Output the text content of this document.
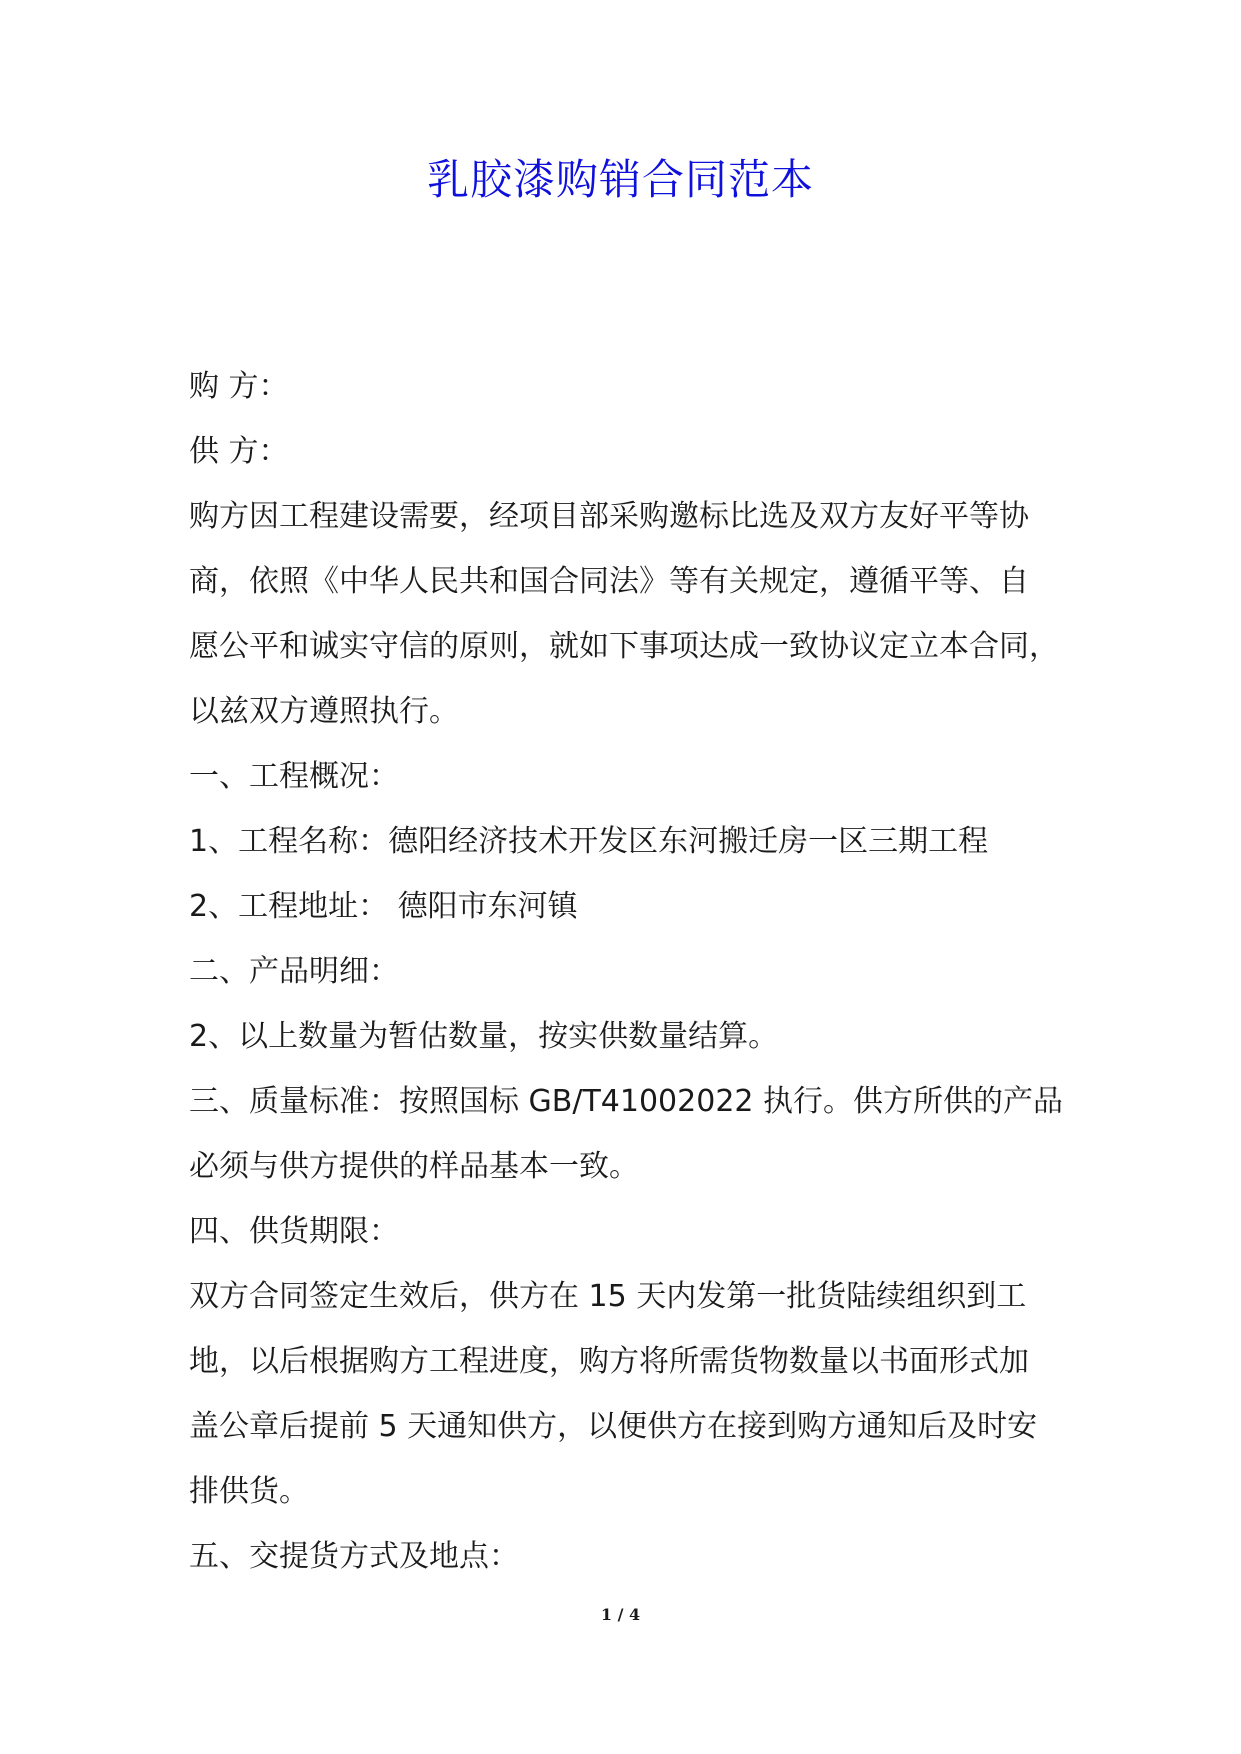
乳胶漆购销合同范本
购 方：
供 方：
购方因工程建设需要，经项目部采购邀标比选及双方友好平等协
商，依照《中华人民共和国合同法》等有关规定，遵循平等、自
愿公平和诚实守信的原则，就如下事项达成一致协议定立本合同，
以兹双方遵照执行。
一、工程概况：
1、工程名称：德阳经济技术开发区东河搬迁房一区三期工程
2、工程地址： 德阳市东河镇
二、产品明细：
2、以上数量为暂估数量，按实供数量结算。
三、质量标准：按照国标 GB/T41002022 执行。供方所供的产品
必须与供方提供的样品基本一致。
四、供货期限：
双方合同签定生效后，供方在 15 天内发第一批货陆续组织到工
地，以后根据购方工程进度，购方将所需货物数量以书面形式加
盖公章后提前 5 天通知供方，以便供方在接到购方通知后及时安
排供货。
五、交提货方式及地点：
1 / 4
